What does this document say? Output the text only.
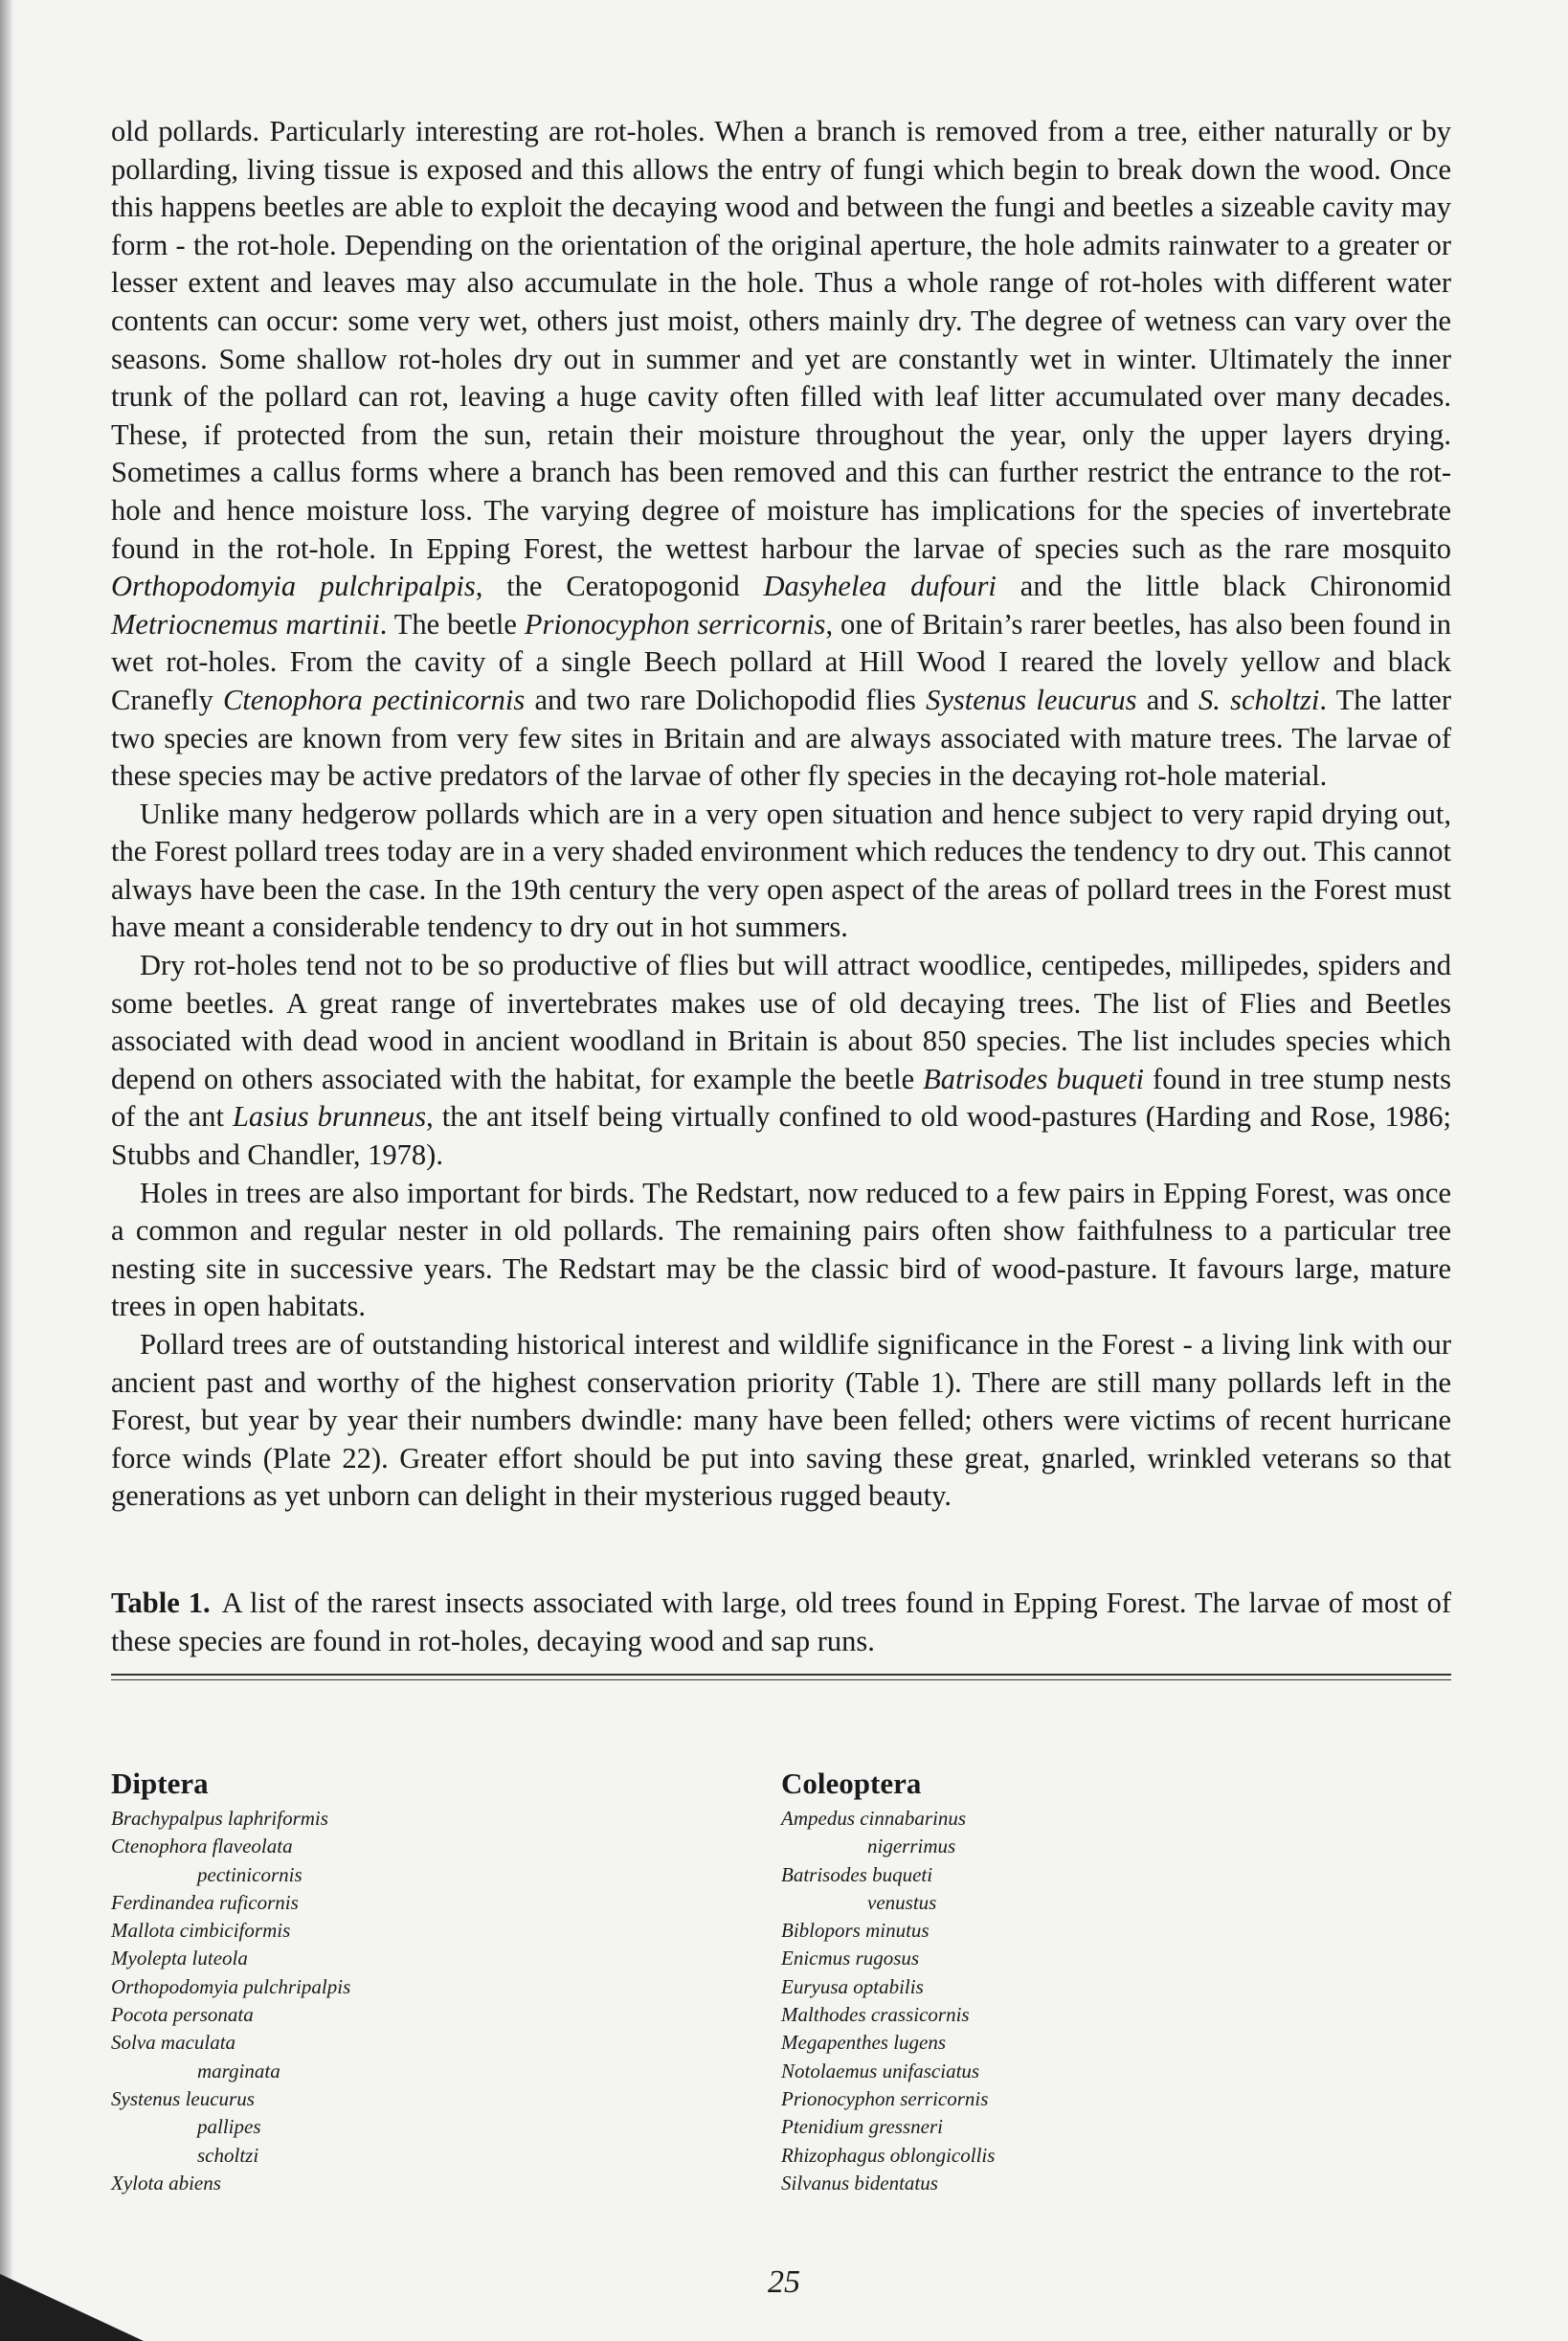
old pollards. Particularly interesting are rot-holes. When a branch is removed from a tree, either naturally or by pollarding, living tissue is exposed and this allows the entry of fungi which begin to break down the wood. Once this happens beetles are able to exploit the decaying wood and between the fungi and beetles a sizeable cavity may form - the rot-hole. Depending on the orientation of the original aperture, the hole admits rainwater to a greater or lesser extent and leaves may also accumulate in the hole. Thus a whole range of rot-holes with different water contents can occur: some very wet, others just moist, others mainly dry. The degree of wetness can vary over the seasons. Some shallow rot-holes dry out in summer and yet are constantly wet in winter. Ultimately the inner trunk of the pollard can rot, leaving a huge cavity often filled with leaf litter accumulated over many decades. These, if protected from the sun, retain their moisture throughout the year, only the upper layers drying. Sometimes a callus forms where a branch has been removed and this can further restrict the entrance to the rot-hole and hence moisture loss. The varying degree of moisture has implications for the species of invertebrate found in the rot-hole. In Epping Forest, the wettest harbour the larvae of species such as the rare mosquito Orthopodomyia pulchripalpis, the Ceratopogonid Dasyhelea dufouri and the little black Chironomid Metriocnemus martinii. The beetle Prionocyphon serricornis, one of Britain’s rarer beetles, has also been found in wet rot-holes. From the cavity of a single Beech pollard at Hill Wood I reared the lovely yellow and black Cranefly Ctenophora pectinicornis and two rare Dolichopodid flies Systenus leucurus and S. scholtzi. The latter two species are known from very few sites in Britain and are always associated with mature trees. The larvae of these species may be active predators of the larvae of other fly species in the decaying rot-hole material.

Unlike many hedgerow pollards which are in a very open situation and hence subject to very rapid drying out, the Forest pollard trees today are in a very shaded environment which reduces the tendency to dry out. This cannot always have been the case. In the 19th century the very open aspect of the areas of pollard trees in the Forest must have meant a considerable tendency to dry out in hot summers.

Dry rot-holes tend not to be so productive of flies but will attract woodlice, centipedes, millipedes, spiders and some beetles. A great range of invertebrates makes use of old decaying trees. The list of Flies and Beetles associated with dead wood in ancient woodland in Britain is about 850 species. The list includes species which depend on others associated with the habitat, for example the beetle Batrisodes buqueti found in tree stump nests of the ant Lasius brunneus, the ant itself being virtually confined to old wood-pastures (Harding and Rose, 1986; Stubbs and Chandler, 1978).

Holes in trees are also important for birds. The Redstart, now reduced to a few pairs in Epping Forest, was once a common and regular nester in old pollards. The remaining pairs often show faithfulness to a particular tree nesting site in successive years. The Redstart may be the classic bird of wood-pasture. It favours large, mature trees in open habitats.

Pollard trees are of outstanding historical interest and wildlife significance in the Forest - a living link with our ancient past and worthy of the highest conservation priority (Table 1). There are still many pollards left in the Forest, but year by year their numbers dwindle: many have been felled; others were victims of recent hurricane force winds (Plate 22). Greater effort should be put into saving these great, gnarled, wrinkled veterans so that generations as yet unborn can delight in their mysterious rugged beauty.

Table 1. A list of the rarest insects associated with large, old trees found in Epping Forest. The larvae of most of these species are found in rot-holes, decaying wood and sap runs.
Diptera
Brachypalpus laphriformis
Ctenophora flaveolata
pectinicornis
Ferdinandea ruficornis
Mallota cimbiciformis
Myolepta luteola
Orthopodomyia pulchripalpis
Pocota personata
Solva maculata
marginata
Systenus leucurus
pallipes
scholtzi
Xylota abiens
Coleoptera
Ampedus cinnabarinus
nigerrimus
Batrisodes buqueti
venustus
Biblopors minutus
Enicmus rugosus
Euryusa optabilis
Malthodes crassicornis
Megapenthes lugens
Notolaemus unifasciatus
Prionocyphon serricornis
Ptenidium gressneri
Rhizophagus oblongicollis
Silvanus bidentatus
25
